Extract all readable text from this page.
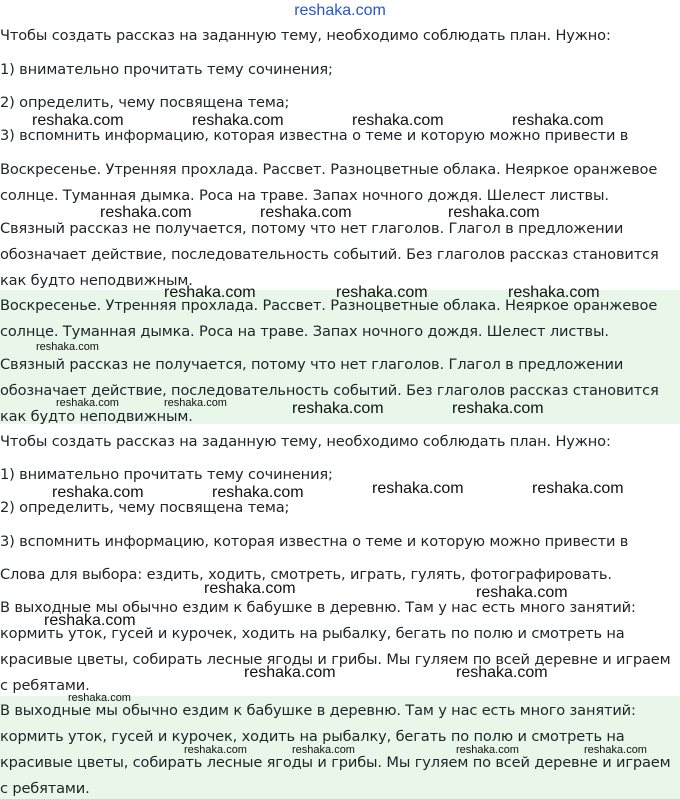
reshaka.com
Чтобы создать рассказ на заданную тему, необходимо соблюдать план. Нужно:
1) внимательно прочитать тему сочинения;
2) определить, чему посвящена тема;
3) вспомнить информацию, которая известна о теме и которую можно привести в
Воскресенье. Утренняя прохлада. Рассвет. Разноцветные облака. Неяркое оранжевое
солнце. Туманная дымка. Роса на траве. Запах ночного дождя. Шелест листвы.
Связный рассказ не получается, потому что нет глаголов. Глагол в предложении
обозначает действие, последовательность событий. Без глаголов рассказ становится
как будто неподвижным.
Воскресенье. Утренняя прохлада. Рассвет. Разноцветные облака. Неяркое оранжевое
солнце. Туманная дымка. Роса на траве. Запах ночного дождя. Шелест листвы.
Связный рассказ не получается, потому что нет глаголов. Глагол в предложении
обозначает действие, последовательность событий. Без глаголов рассказ становится
как будто неподвижным.
Чтобы создать рассказ на заданную тему, необходимо соблюдать план. Нужно:
1) внимательно прочитать тему сочинения;
2) определить, чему посвящена тема;
3) вспомнить информацию, которая известна о теме и которую можно привести в
Слова для выбора: ездить, ходить, смотреть, играть, гулять, фотографировать.
В выходные мы обычно ездим к бабушке в деревню. Там у нас есть много занятий:
кормить уток, гусей и курочек, ходить на рыбалку, бегать по полю и смотреть на
красивые цветы, собирать лесные ягоды и грибы. Мы гуляем по всей деревне и играем
с ребятами.
В выходные мы обычно ездим к бабушке в деревню. Там у нас есть много занятий:
кормить уток, гусей и курочек, ходить на рыбалку, бегать по полю и смотреть на
красивые цветы, собирать лесные ягоды и грибы. Мы гуляем по всей деревне и играем
с ребятами.
reshaka.com	reshaka.com	reshaka.com	reshaka.com
reshaka.com	reshaka.com	reshaka.com
reshaka.com	reshaka.com	reshaka.com
reshaka.com
reshaka.com	reshaka.com	reshaka.com	reshaka.com
reshaka.com	reshaka.com	reshaka.com	reshaka.com
reshaka.com	reshaka.com
reshaka.com
reshaka.com	reshaka.com
reshaka.com
reshaka.com	reshaka.com	reshaka.com	reshaka.com
